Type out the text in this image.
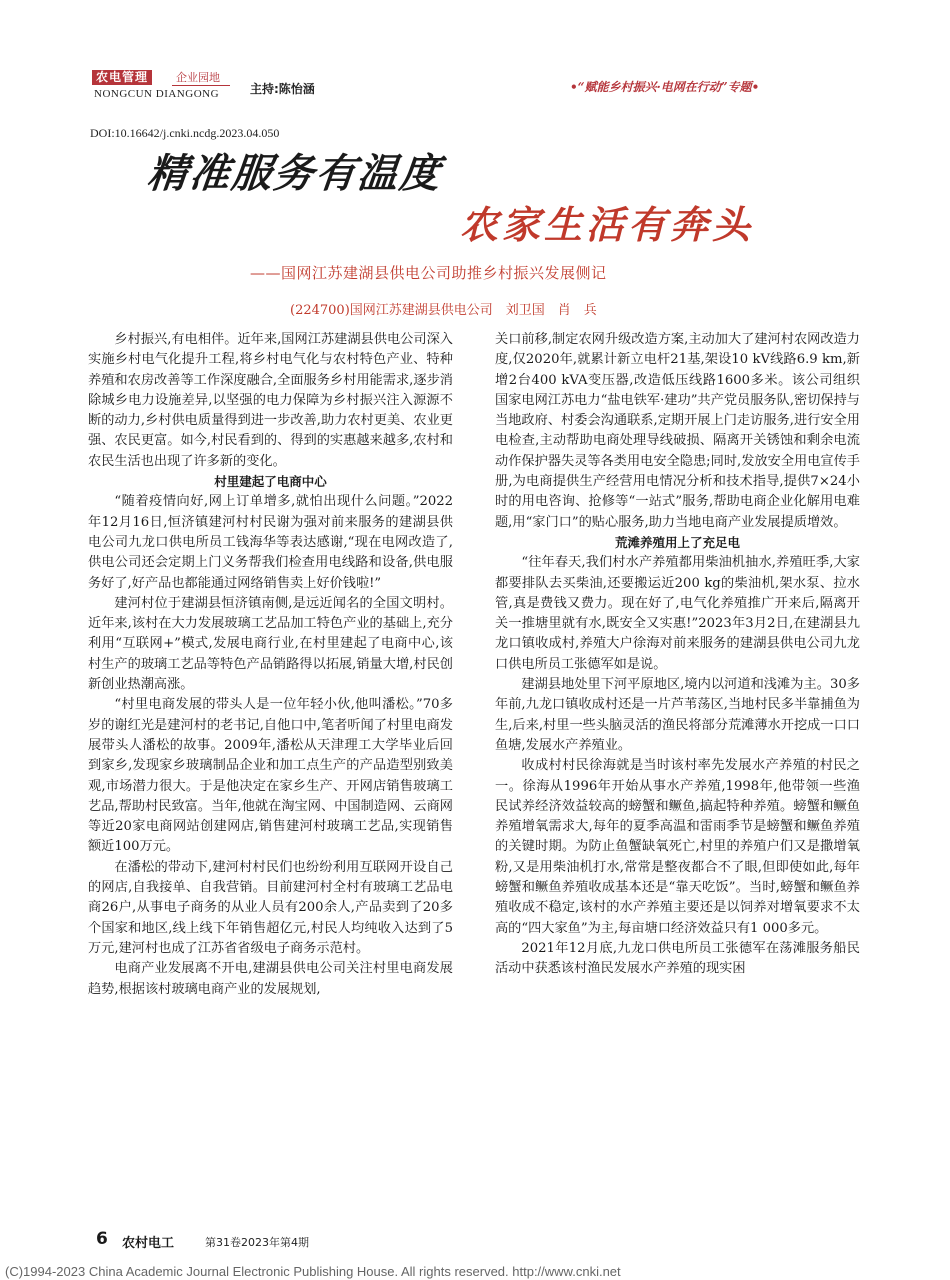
农电管理	企业园地
NONGCUN DIANGONG	主持:陈怡涵	•“赋能乡村振兴·电网在行动”专题•
DOI:10.16642/j.cnki.ncdg.2023.04.050
精准服务有温度
农家生活有奔头
——国网江苏建湖县供电公司助推乡村振兴发展侧记
(224700)国网江苏建湖县供电公司　刘卫国　肖　兵

乡村振兴,有电相伴。近年来,国网江苏建湖县供电公司深入实施乡村电气化提升工程,将乡村电气化与农村特色产业、特种养殖和农房改善等工作深度融合,全面服务乡村用能需求,逐步消除城乡电力设施差异,以坚强的电力保障为乡村振兴注入源源不断的动力,乡村供电质量得到进一步改善,助力农村更美、农业更强、农民更富。如今,村民看到的、得到的实惠越来越多,农村和农民生活也出现了许多新的变化。

村里建起了电商中心

“随着疫情向好,网上订单增多,就怕出现什么问题。”2022年12月16日,恒济镇建河村村民谢为强对前来服务的建湖县供电公司九龙口供电所员工钱海华等表达感谢,“现在电网改造了,供电公司还会定期上门义务帮我们检查用电线路和设备,供电服务好了,好产品也都能通过网络销售卖上好价钱啦!”

建河村位于建湖县恒济镇南侧,是远近闻名的全国文明村。近年来,该村在大力发展玻璃工艺品加工特色产业的基础上,充分利用“互联网+”模式,发展电商行业,在村里建起了电商中心,该村生产的玻璃工艺品等特色产品销路得以拓展,销量大增,村民创新创业热潮高涨。

“村里电商发展的带头人是一位年轻小伙,他叫潘松。”70多岁的谢红光是建河村的老书记,自他口中,笔者听闻了村里电商发展带头人潘松的故事。2009年,潘松从天津理工大学毕业后回到家乡,发现家乡玻璃制品企业和加工点生产的产品造型别致美观,市场潜力很大。于是他决定在家乡生产、开网店销售玻璃工艺品,帮助村民致富。当年,他就在淘宝网、中国制造网、云商网等近20家电商网站创建网店,销售建河村玻璃工艺品,实现销售额近100万元。

在潘松的带动下,建河村村民们也纷纷利用互联网开设自己的网店,自我接单、自我营销。目前建河村全村有玻璃工艺品电商26户,从事电子商务的从业人员有200余人,产品卖到了20多个国家和地区,线上线下年销售超亿元,村民人均纯收入达到了5万元,建河村也成了江苏省省级电子商务示范村。

电商产业发展离不开电,建湖县供电公司关注村里电商发展趋势,根据该村玻璃电商产业的发展规划,

关口前移,制定农网升级改造方案,主动加大了建河村农网改造力度,仅2020年,就累计新立电杆21基,架设10 kV线路6.9 km,新增2台400 kVA变压器,改造低压线路1600多米。该公司组织国家电网江苏电力“盐电铁军·建功”共产党员服务队,密切保持与当地政府、村委会沟通联系,定期开展上门走访服务,进行安全用电检查,主动帮助电商处理导线破损、隔离开关锈蚀和剩余电流动作保护器失灵等各类用电安全隐患;同时,发放安全用电宣传手册,为电商提供生产经营用电情况分析和技术指导,提供7×24小时的用电咨询、抢修等“一站式”服务,帮助电商企业化解用电难题,用“家门口”的贴心服务,助力当地电商产业发展提质增效。

荒滩养殖用上了充足电

“往年春天,我们村水产养殖都用柴油机抽水,养殖旺季,大家都要排队去买柴油,还要搬运近200 kg的柴油机,架水泵、拉水管,真是费钱又费力。现在好了,电气化养殖推广开来后,隔离开关一推塘里就有水,既安全又实惠!”2023年3月2日,在建湖县九龙口镇收成村,养殖大户徐海对前来服务的建湖县供电公司九龙口供电所员工张德军如是说。

建湖县地处里下河平原地区,境内以河道和浅滩为主。30多年前,九龙口镇收成村还是一片芦苇荡区,当地村民多半靠捕鱼为生,后来,村里一些头脑灵活的渔民将部分荒滩薄水开挖成一口口鱼塘,发展水产养殖业。

收成村村民徐海就是当时该村率先发展水产养殖的村民之一。徐海从1996年开始从事水产养殖,1998年,他带领一些渔民试养经济效益较高的螃蟹和鳜鱼,搞起特种养殖。螃蟹和鳜鱼养殖增氧需求大,每年的夏季高温和雷雨季节是螃蟹和鳜鱼养殖的关键时期。为防止鱼蟹缺氧死亡,村里的养殖户们又是撒增氧粉,又是用柴油机打水,常常是整夜都合不了眼,但即使如此,每年螃蟹和鳜鱼养殖收成基本还是“靠天吃饭”。当时,螃蟹和鳜鱼养殖收成不稳定,该村的水产养殖主要还是以饲养对增氧要求不太高的“四大家鱼”为主,每亩塘口经济效益只有1 000多元。

2021年12月底,九龙口供电所员工张德军在荡滩服务船民活动中获悉该村渔民发展水产养殖的现实困

6 农村电工	第31卷2023年第4期
(C)1994-2023 China Academic Journal Electronic Publishing House. All rights reserved. http://www.cnki.net
